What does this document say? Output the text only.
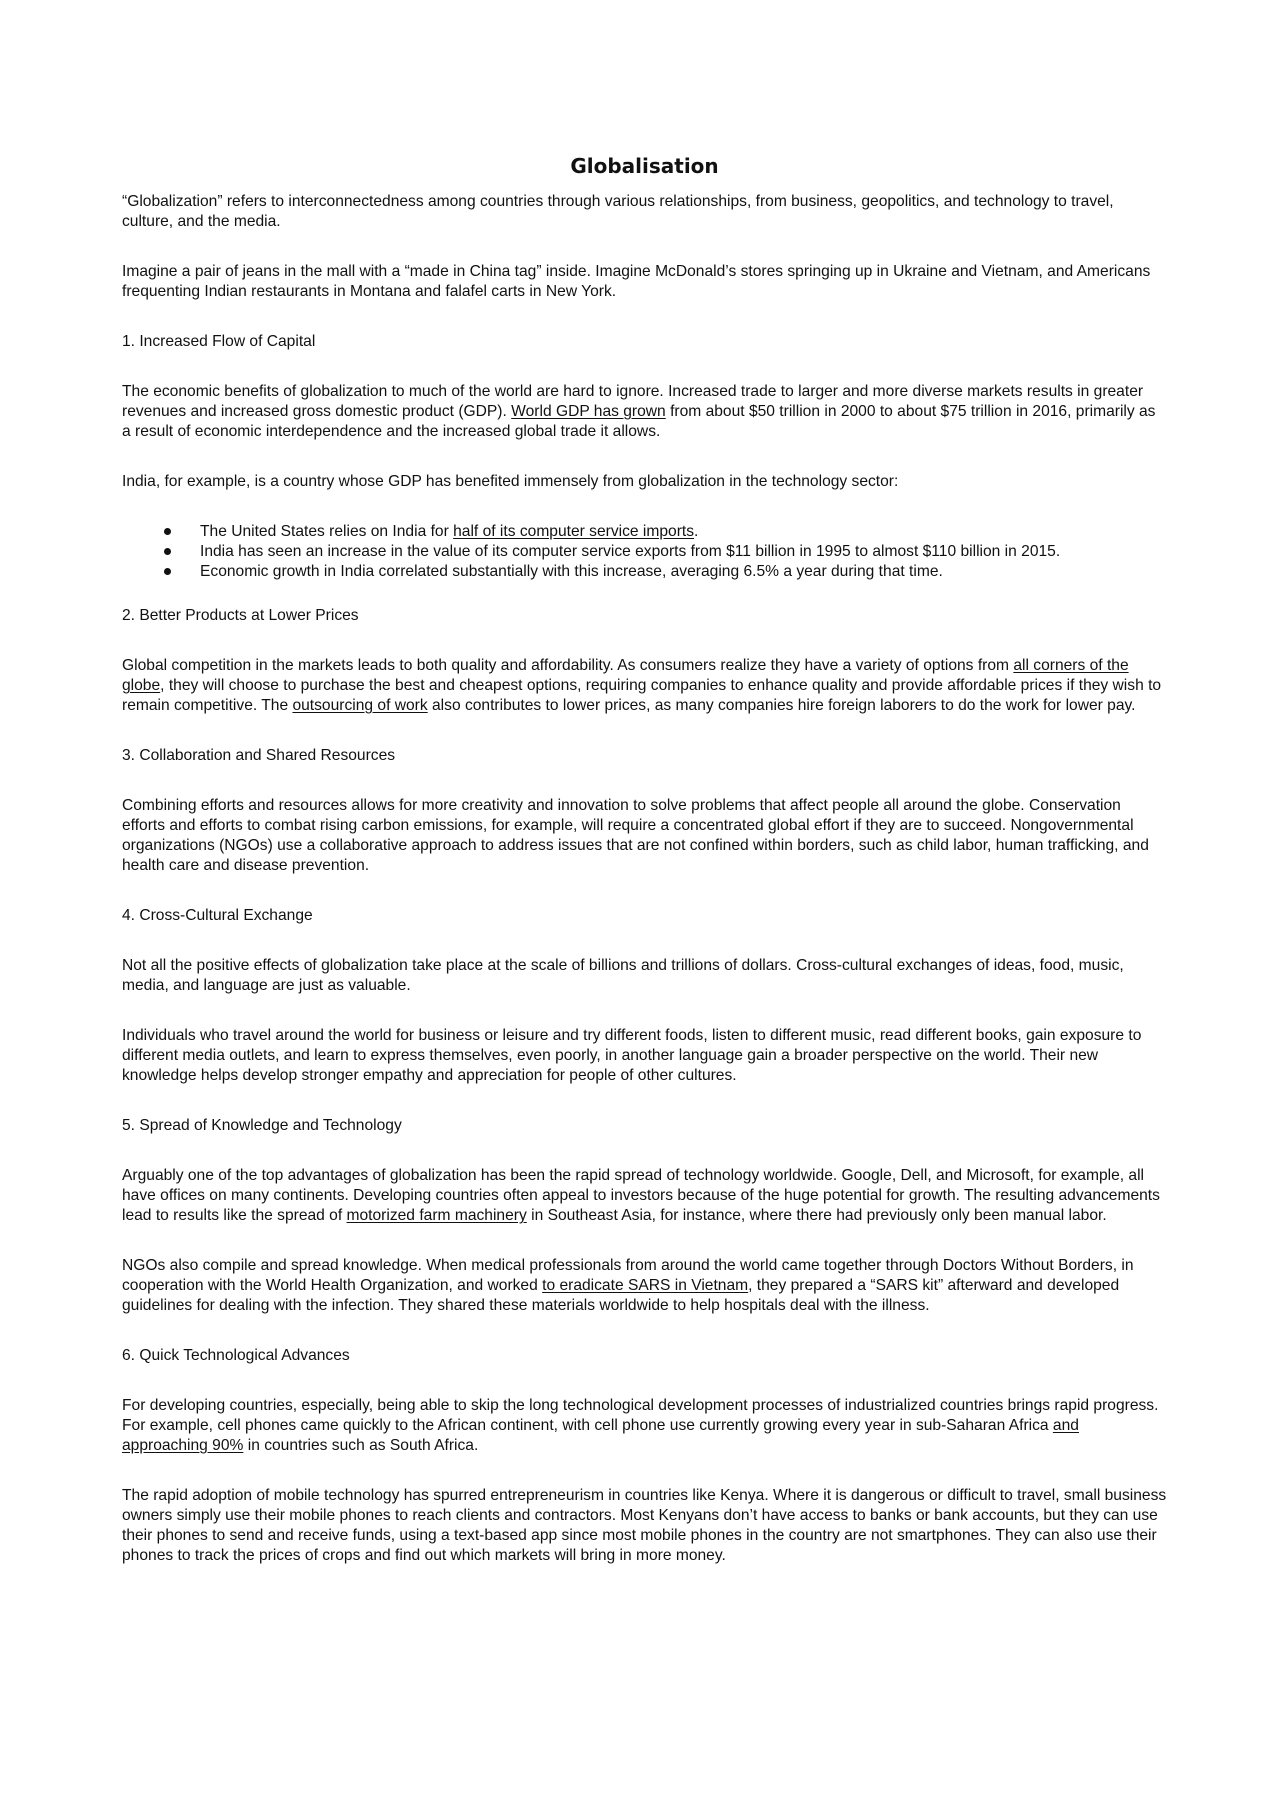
Globalisation

“Globalization” refers to interconnectedness among countries through various relationships, from business, geopolitics, and technology to travel, culture, and the media.

Imagine a pair of jeans in the mall with a “made in China tag” inside. Imagine McDonald’s stores springing up in Ukraine and Vietnam, and Americans frequenting Indian restaurants in Montana and falafel carts in New York.

1. Increased Flow of Capital

The economic benefits of globalization to much of the world are hard to ignore. Increased trade to larger and more diverse markets results in greater revenues and increased gross domestic product (GDP). World GDP has grown from about $50 trillion in 2000 to about $75 trillion in 2016, primarily as a result of economic interdependence and the increased global trade it allows.

India, for example, is a country whose GDP has benefited immensely from globalization in the technology sector:

The United States relies on India for half of its computer service imports.
India has seen an increase in the value of its computer service exports from $11 billion in 1995 to almost $110 billion in 2015.
Economic growth in India correlated substantially with this increase, averaging 6.5% a year during that time.

2. Better Products at Lower Prices

Global competition in the markets leads to both quality and affordability. As consumers realize they have a variety of options from all corners of the globe, they will choose to purchase the best and cheapest options, requiring companies to enhance quality and provide affordable prices if they wish to remain competitive. The outsourcing of work also contributes to lower prices, as many companies hire foreign laborers to do the work for lower pay.

3. Collaboration and Shared Resources

Combining efforts and resources allows for more creativity and innovation to solve problems that affect people all around the globe. Conservation efforts and efforts to combat rising carbon emissions, for example, will require a concentrated global effort if they are to succeed. Nongovernmental organizations (NGOs) use a collaborative approach to address issues that are not confined within borders, such as child labor, human trafficking, and health care and disease prevention.

4. Cross-Cultural Exchange

Not all the positive effects of globalization take place at the scale of billions and trillions of dollars. Cross-cultural exchanges of ideas, food, music, media, and language are just as valuable.

Individuals who travel around the world for business or leisure and try different foods, listen to different music, read different books, gain exposure to different media outlets, and learn to express themselves, even poorly, in another language gain a broader perspective on the world. Their new knowledge helps develop stronger empathy and appreciation for people of other cultures.

5. Spread of Knowledge and Technology

Arguably one of the top advantages of globalization has been the rapid spread of technology worldwide. Google, Dell, and Microsoft, for example, all have offices on many continents. Developing countries often appeal to investors because of the huge potential for growth. The resulting advancements lead to results like the spread of motorized farm machinery in Southeast Asia, for instance, where there had previously only been manual labor.

NGOs also compile and spread knowledge. When medical professionals from around the world came together through Doctors Without Borders, in cooperation with the World Health Organization, and worked to eradicate SARS in Vietnam, they prepared a “SARS kit” afterward and developed guidelines for dealing with the infection. They shared these materials worldwide to help hospitals deal with the illness.

6. Quick Technological Advances

For developing countries, especially, being able to skip the long technological development processes of industrialized countries brings rapid progress. For example, cell phones came quickly to the African continent, with cell phone use currently growing every year in sub-Saharan Africa and approaching 90% in countries such as South Africa.

The rapid adoption of mobile technology has spurred entrepreneurism in countries like Kenya. Where it is dangerous or difficult to travel, small business owners simply use their mobile phones to reach clients and contractors. Most Kenyans don’t have access to banks or bank accounts, but they can use their phones to send and receive funds, using a text-based app since most mobile phones in the country are not smartphones. They can also use their phones to track the prices of crops and find out which markets will bring in more money.
